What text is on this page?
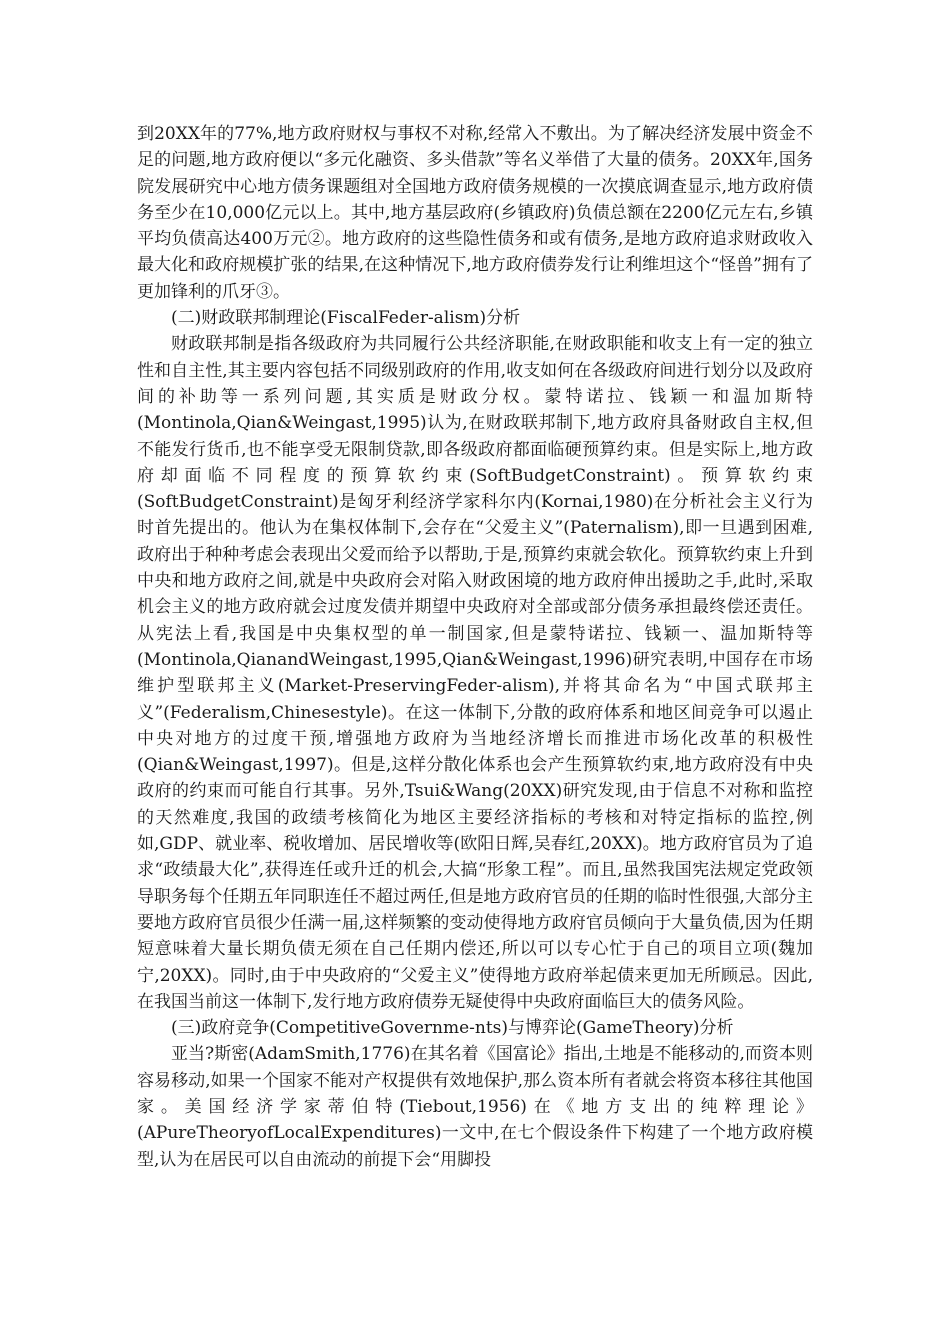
到20XX年的77%,地方政府财权与事权不对称,经常入不敷出。为了解决经济发展中资金不足的问题,地方政府便以“多元化融资、多头借款”等名义举借了大量的债务。20XX年,国务院发展研究中心地方债务课题组对全国地方政府债务规模的一次摸底调查显示,地方政府债务至少在10,000亿元以上。其中,地方基层政府(乡镇政府)负债总额在2200亿元左右,乡镇平均负债高达400万元②。地方政府的这些隐性债务和或有债务,是地方政府追求财政收入最大化和政府规模扩张的结果,在这种情况下,地方政府债券发行让利维坦这个“怪兽”拥有了更加锋利的爪牙③。

(二)财政联邦制理论(FiscalFeder-alism)分析

财政联邦制是指各级政府为共同履行公共经济职能,在财政职能和收支上有一定的独立性和自主性,其主要内容包括不同级别政府的作用,收支如何在各级政府间进行划分以及政府间的补助等一系列问题,其实质是财政分权。蒙特诺拉、钱颖一和温加斯特(Montinola,Qian&Weingast,1995)认为,在财政联邦制下,地方政府具备财政自主权,但不能发行货币,也不能享受无限制贷款,即各级政府都面临硬预算约束。但是实际上,地方政府却面临不同程度的预算软约束(SoftBudgetConstraint)。预算软约束(SoftBudgetConstraint)是匈牙利经济学家科尔内(Kornai,1980)在分析社会主义行为时首先提出的。他认为在集权体制下,会存在“父爱主义”(Paternalism),即一旦遇到困难,政府出于种种考虑会表现出父爱而给予以帮助,于是,预算约束就会软化。预算软约束上升到中央和地方政府之间,就是中央政府会对陷入财政困境的地方政府伸出援助之手,此时,采取机会主义的地方政府就会过度发债并期望中央政府对全部或部分债务承担最终偿还责任。从宪法上看,我国是中央集权型的单一制国家,但是蒙特诺拉、钱颖一、温加斯特等(Montinola,QianandWeingast,1995,Qian&Weingast,1996)研究表明,中国存在市场维护型联邦主义(Market-PreservingFeder-alism),并将其命名为“中国式联邦主义”(Federalism,Chinesestyle)。在这一体制下,分散的政府体系和地区间竞争可以遏止中央对地方的过度干预,增强地方政府为当地经济增长而推进市场化改革的积极性(Qian&Weingast,1997)。但是,这样分散化体系也会产生预算软约束,地方政府没有中央政府的约束而可能自行其事。另外,Tsui&Wang(20XX)研究发现,由于信息不对称和监控的天然难度,我国的政绩考核简化为地区主要经济指标的考核和对特定指标的监控,例如,GDP、就业率、税收增加、居民增收等(欧阳日辉,吴春红,20XX)。地方政府官员为了追求“政绩最大化”,获得连任或升迁的机会,大搞“形象工程”。而且,虽然我国宪法规定党政领导职务每个任期五年同职连任不超过两任,但是地方政府官员的任期的临时性很强,大部分主要地方政府官员很少任满一届,这样频繁的变动使得地方政府官员倾向于大量负债,因为任期短意味着大量长期负债无须在自己任期内偿还,所以可以专心忙于自己的项目立项(魏加宁,20XX)。同时,由于中央政府的“父爱主义”使得地方政府举起债来更加无所顾忌。因此,在我国当前这一体制下,发行地方政府债券无疑使得中央政府面临巨大的债务风险。

(三)政府竞争(CompetitiveGovernme-nts)与博弈论(GameTheory)分析

亚当?斯密(AdamSmith,1776)在其名着《国富论》指出,土地是不能移动的,而资本则容易移动,如果一个国家不能对产权提供有效地保护,那么资本所有者就会将资本移往其他国家。美国经济学家蒂伯特(Tiebout,1956)在《地方支出的纯粹理论》(APureTheoryofLocalExpenditures)一文中,在七个假设条件下构建了一个地方政府模型,认为在居民可以自由流动的前提下会“用脚投
